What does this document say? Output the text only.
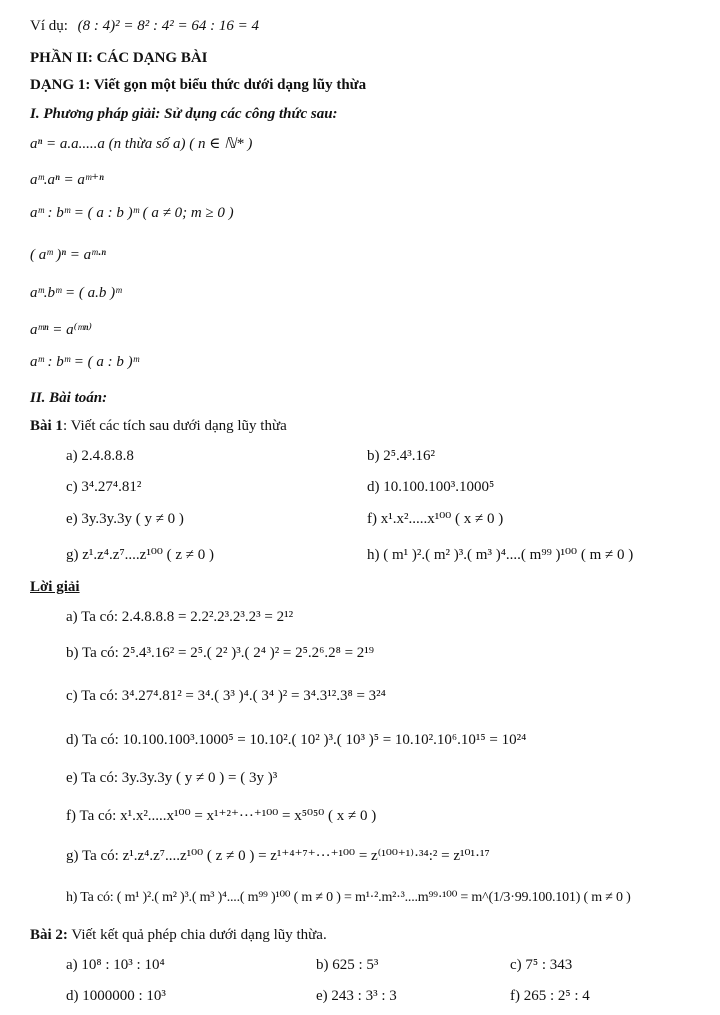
Ví dụ: (8 : 4)² = 8² : 4² = 64 : 16 = 4
PHẦN II: CÁC DẠNG BÀI
DẠNG 1: Viết gọn một biểu thức dưới dạng lũy thừa
I. Phương pháp giải: Sử dụng các công thức sau:
aⁿ = a.a.....a (n thừa số a) ( n ∈ ℕ* )
aᵐ.aⁿ = aᵐ⁺ⁿ
aᵐ : bᵐ = ( a : b )ᵐ ( a ≠ 0; m ≥ 0 )
( aᵐ )ⁿ = aᵐ·ⁿ
aᵐ.bᵐ = ( a.b )ᵐ
aᵐⁿ = a⁽ᵐⁿ⁾
aᵐ : bᵐ = ( a : b )ᵐ
II. Bài toán:
Bài 1: Viết các tích sau dưới dạng lũy thừa
a) 2.4.8.8.8	b) 2⁵.4³.16²
c) 3⁴.27⁴.81²	d) 10.100.100³.1000⁵
e) 3y.3y.3y ( y ≠ 0 )	f) x¹.x².....x¹⁰⁰ ( x ≠ 0 )
g) z¹.z⁴.z⁷....z¹⁰⁰ ( z ≠ 0 )	h) ( m¹ )².( m² )³.( m³ )⁴....( m⁹⁹ )¹⁰⁰ ( m ≠ 0 )
Lời giải
a) Ta có: 2.4.8.8.8 = 2.2².2³.2³.2³ = 2¹²
b) Ta có: 2⁵.4³.16² = 2⁵.( 2² )³.( 2⁴ )² = 2⁵.2⁶.2⁸ = 2¹⁹
c) Ta có: 3⁴.27⁴.81² = 3⁴.( 3³ )⁴.( 3⁴ )² = 3⁴.3¹².3⁸ = 3²⁴
d) Ta có: 10.100.100³.1000⁵ = 10.10².( 10² )³.( 10³ )⁵ = 10.10².10⁶.10¹⁵ = 10²⁴
e) Ta có: 3y.3y.3y ( y ≠ 0 ) = ( 3y )³
f) Ta có: x¹.x².....x¹⁰⁰ = x¹⁺²⁺···⁺¹⁰⁰ = x⁵⁰⁵⁰ ( x ≠ 0 )
g) Ta có: z¹.z⁴.z⁷....z¹⁰⁰ ( z ≠ 0 ) = z¹⁺⁴⁺⁷⁺···⁺¹⁰⁰ = z⁽¹⁰⁰⁺¹⁾·³⁴:² = z¹⁰¹·¹⁷
h) Ta có: ( m¹ )².( m² )³.( m³ )⁴....( m⁹⁹ )¹⁰⁰ ( m ≠ 0 ) = m¹·².m²·³....m⁹⁹·¹⁰⁰ = m^(1/3·99.100.101) ( m ≠ 0 )
Bài 2: Viết kết quả phép chia dưới dạng lũy thừa.
a) 10⁸ : 10³ : 10⁴	b) 625 : 5³	c) 7⁵ : 343
d) 1000000 : 10³	e) 243 : 3³ : 3	f) 265 : 2⁵ : 4
